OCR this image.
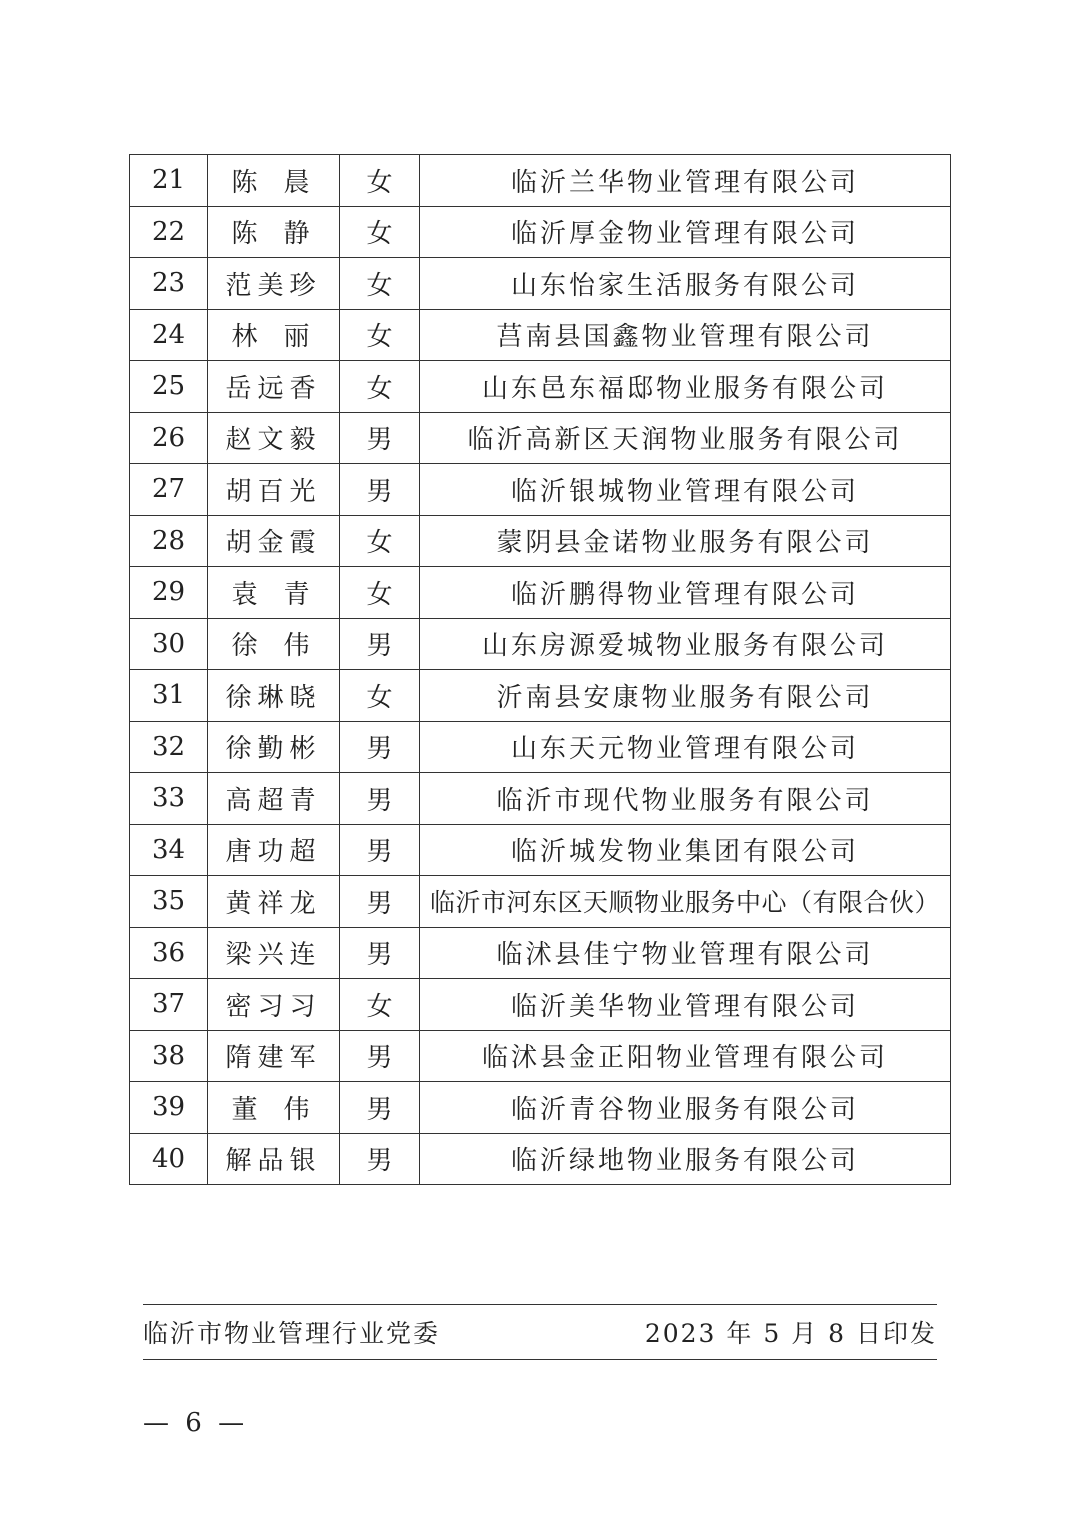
21	陈 晨	女	临沂兰华物业管理有限公司
22	陈 静	女	临沂厚金物业管理有限公司
23	范美珍	女	山东怡家生活服务有限公司
24	林 丽	女	莒南县国鑫物业管理有限公司
25	岳远香	女	山东邑东福邸物业服务有限公司
26	赵文毅	男	临沂高新区天润物业服务有限公司
27	胡百光	男	临沂银城物业管理有限公司
28	胡金霞	女	蒙阴县金诺物业服务有限公司
29	袁 青	女	临沂鹏得物业管理有限公司
30	徐 伟	男	山东房源爱城物业服务有限公司
31	徐琳晓	女	沂南县安康物业服务有限公司
32	徐勤彬	男	山东天元物业管理有限公司
33	高超青	男	临沂市现代物业服务有限公司
34	唐功超	男	临沂城发物业集团有限公司
35	黄祥龙	男	临沂市河东区天顺物业服务中心（有限合伙）
36	梁兴连	男	临沭县佳宁物业管理有限公司
37	密习习	女	临沂美华物业管理有限公司
38	隋建军	男	临沭县金正阳物业管理有限公司
39	董 伟	男	临沂青谷物业服务有限公司
40	解品银	男	临沂绿地物业服务有限公司
临沂市物业管理行业党委	2023 年 5 月 8 日印发
— 6 —
